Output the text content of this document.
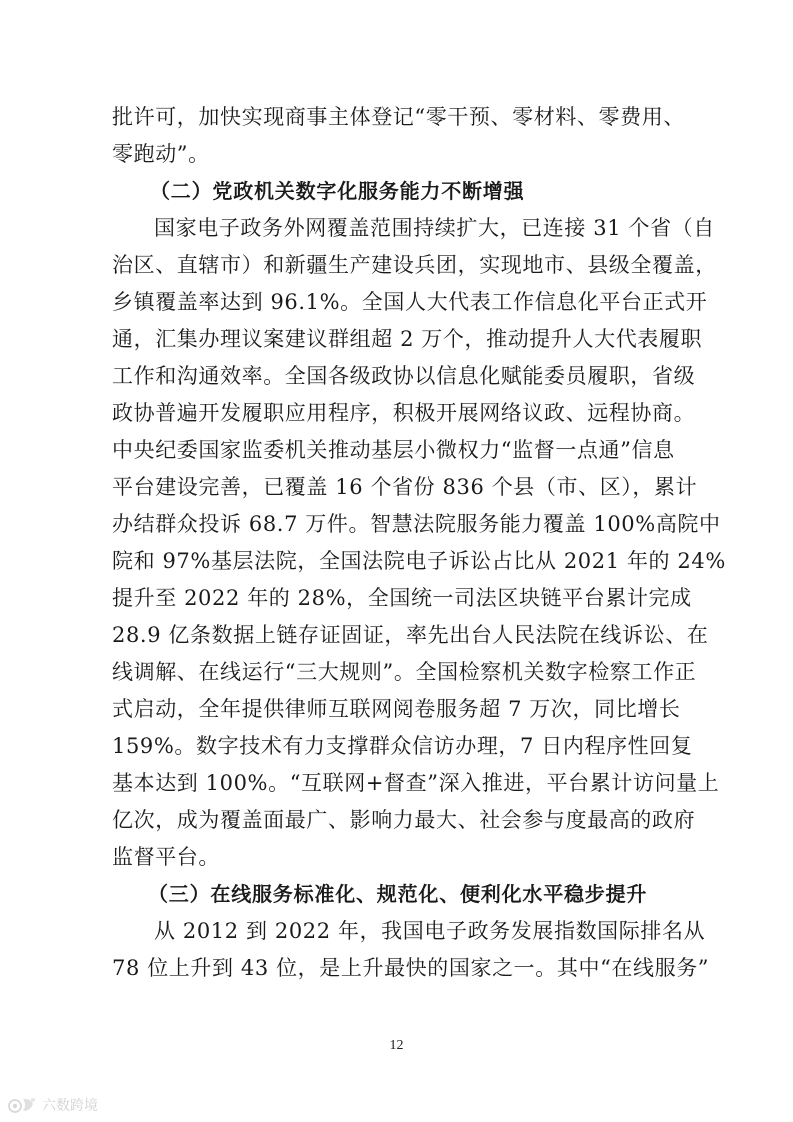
批许可，加快实现商事主体登记“零干预、零材料、零费用、
零跑动”。
（二）党政机关数字化服务能力不断增强
国家电子政务外网覆盖范围持续扩大，已连接 31 个省（自
治区、直辖市）和新疆生产建设兵团，实现地市、县级全覆盖，
乡镇覆盖率达到 96.1%。全国人大代表工作信息化平台正式开
通，汇集办理议案建议群组超 2 万个，推动提升人大代表履职
工作和沟通效率。全国各级政协以信息化赋能委员履职，省级
政协普遍开发履职应用程序，积极开展网络议政、远程协商。
中央纪委国家监委机关推动基层小微权力“监督一点通”信息
平台建设完善，已覆盖 16 个省份 836 个县（市、区），累计
办结群众投诉 68.7 万件。智慧法院服务能力覆盖 100%高院中
院和 97%基层法院，全国法院电子诉讼占比从 2021 年的 24%
提升至 2022 年的 28%，全国统一司法区块链平台累计完成
28.9 亿条数据上链存证固证，率先出台人民法院在线诉讼、在
线调解、在线运行“三大规则”。全国检察机关数字检察工作正
式启动，全年提供律师互联网阅卷服务超 7 万次，同比增长
159%。数字技术有力支撑群众信访办理，7 日内程序性回复
基本达到 100%。“互联网+督查”深入推进，平台累计访问量上
亿次，成为覆盖面最广、影响力最大、社会参与度最高的政府
监督平台。
（三）在线服务标准化、规范化、便利化水平稳步提升
从 2012 到 2022 年，我国电子政务发展指数国际排名从
78 位上升到 43 位，是上升最快的国家之一。其中“在线服务”
12
六数跨境
